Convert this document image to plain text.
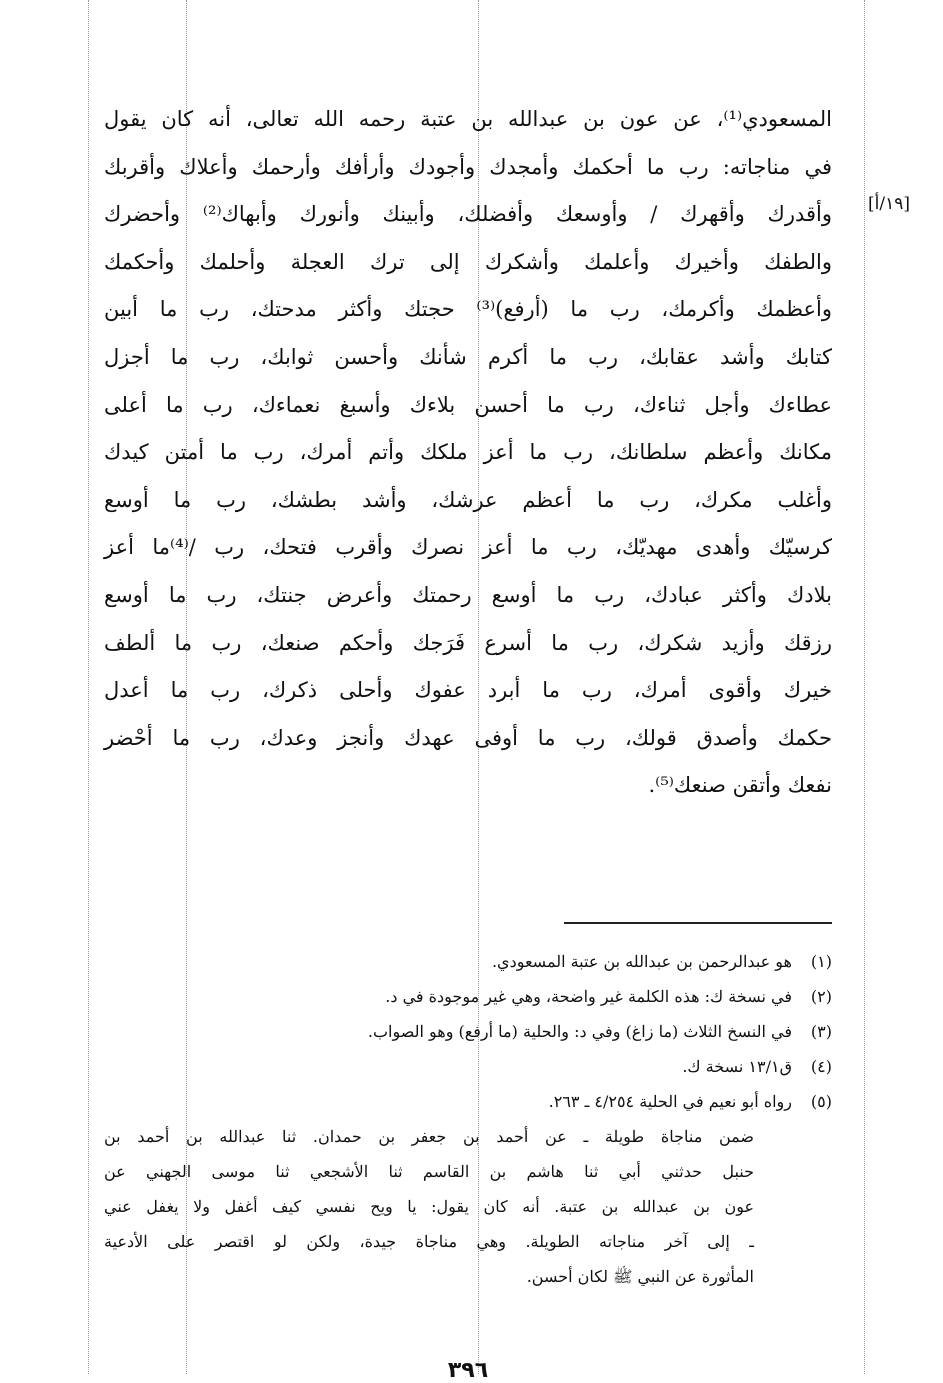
[١٩/أ]

المسعودي⁽¹⁾، عن عون بن عبدالله بن عتبة رحمه الله تعالى، أنه كان يقول
في مناجاته: رب ما أحكمك وأمجدك وأجودك وأرأفك وأرحمك وأعلاك وأقربك
وأقدرك وأقهرك / وأوسعك وأفضلك، وأبينك وأنورك وأبهاك⁽²⁾ وأحضرك
والطفك وأخيرك وأعلمك وأشكرك إلى ترك العجلة وأحلمك وأحكمك
وأعظمك وأكرمك، رب ما (أرفع)⁽³⁾ حجتك وأكثر مدحتك، رب ما أبين
كتابك وأشد عقابك، رب ما أكرم شأنك وأحسن ثوابك، رب ما أجزل
عطاءك وأجل ثناءك، رب ما أحسن بلاءك وأسبغ نعماءك، رب ما أعلى
مكانك وأعظم سلطانك، رب ما أعز ملكك وأتم أمرك، رب ما أمتن كيدك
وأغلب مكرك، رب ما أعظم عرشك، وأشد بطشك، رب ما أوسع
كرسيّك وأهدى مهديّك، رب ما أعز نصرك وأقرب فتحك، رب /⁽⁴⁾ما أعز
بلادك وأكثر عبادك، رب ما أوسع رحمتك وأعرض جنتك، رب ما أوسع
رزقك وأزيد شكرك، رب ما أسرع فَرَجك وأحكم صنعك، رب ما ألطف
خيرك وأقوى أمرك، رب ما أبرد عفوك وأحلى ذكرك، رب ما أعدل
حكمك وأصدق قولك، رب ما أوفى عهدك وأنجز وعدك، رب ما أحْضر
نفعك وأتقن صنعك⁽⁵⁾.

(١)
هو عبدالرحمن بن عبدالله بن عتبة المسعودي.
(٢)
في نسخة ك: هذه الكلمة غير واضحة، وهي غير موجودة في د.
(٣)
في النسخ الثلاث (ما زاغ) وفي د: والحلية (ما أرفع) وهو الصواب.
(٤)
ق١٣/١ نسخة ك.
(٥)
رواه أبو نعيم في الحلية ٤/٢٥٤ ـ ٢٦٣.
ضمن مناجاة طويلة ـ عن أحمد بن جعفر بن حمدان. ثنا عبدالله بن أحمد بن
حنبل حدثني أبي ثنا هاشم بن القاسم ثنا الأشجعي ثنا موسى الجهني عن
عون بن عبدالله بن عتبة. أنه كان يقول: يا ويح نفسي كيف أغفل ولا يغفل عني
ـ إلى آخر مناجاته الطويلة. وهي مناجاة جيدة، ولكن لو اقتصر على الأدعية
المأثورة عن النبي ﷺ لكان أحسن.
٣٩٦
